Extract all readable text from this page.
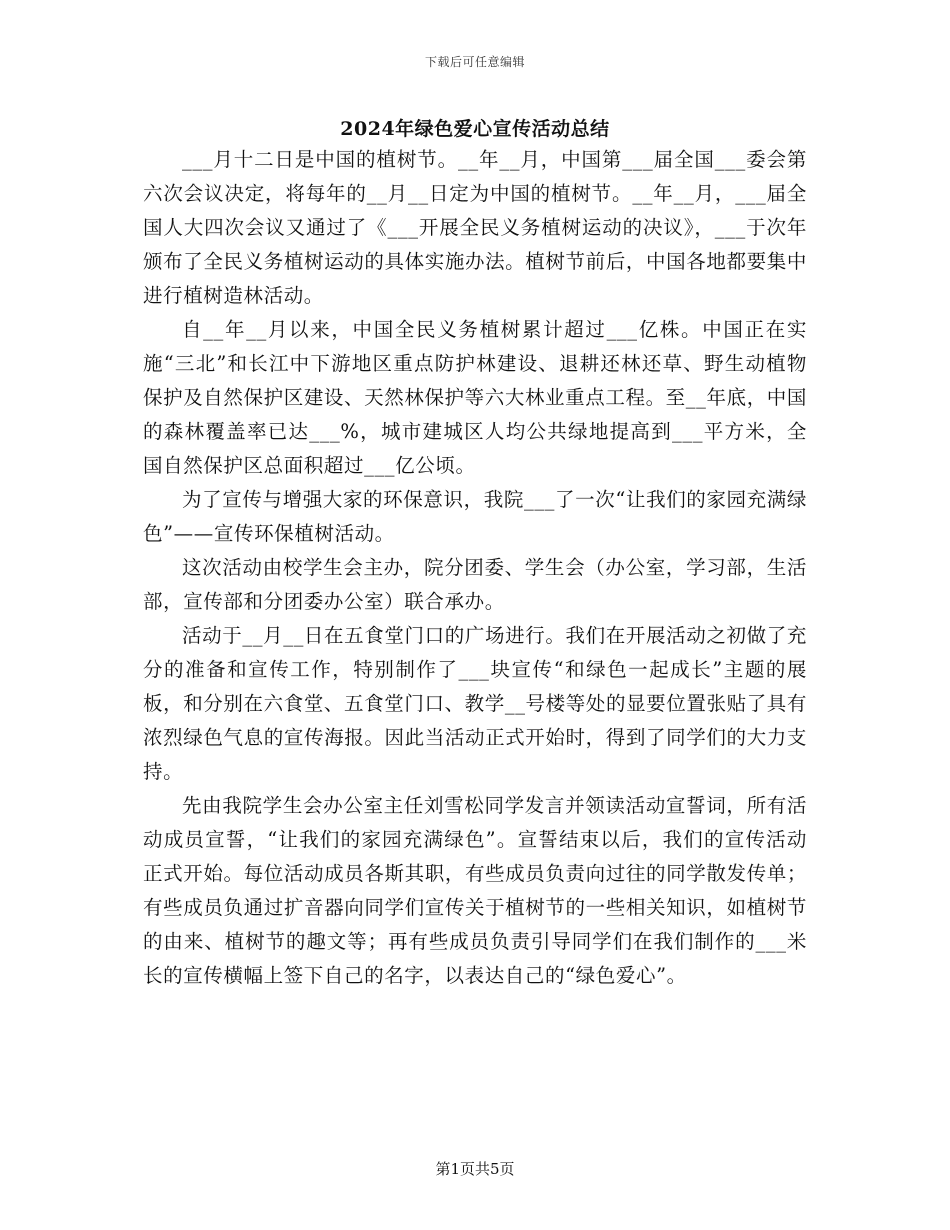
下载后可任意编辑
2024年绿色爱心宣传活动总结

___月十二日是中国的植树节。__年__月，中国第___届全国___委会第六次会议决定，将每年的__月__日定为中国的植树节。__年__月，___届全国人大四次会议又通过了《___开展全民义务植树运动的决议》，___于次年颁布了全民义务植树运动的具体实施办法。植树节前后，中国各地都要集中进行植树造林活动。

自__年__月以来，中国全民义务植树累计超过___亿株。中国正在实施“三北”和长江中下游地区重点防护林建设、退耕还林还草、野生动植物保护及自然保护区建设、天然林保护等六大林业重点工程。至__年底，中国的森林覆盖率已达___%，城市建城区人均公共绿地提高到___平方米，全国自然保护区总面积超过___亿公顷。

为了宣传与增强大家的环保意识，我院___了一次“让我们的家园充满绿色”——宣传环保植树活动。

这次活动由校学生会主办，院分团委、学生会（办公室，学习部，生活部，宣传部和分团委办公室）联合承办。

活动于__月__日在五食堂门口的广场进行。我们在开展活动之初做了充分的准备和宣传工作，特别制作了___块宣传“和绿色一起成长”主题的展板，和分别在六食堂、五食堂门口、教学__号楼等处的显要位置张贴了具有浓烈绿色气息的宣传海报。因此当活动正式开始时，得到了同学们的大力支持。

先由我院学生会办公室主任刘雪松同学发言并领读活动宣誓词，所有活动成员宣誓，“让我们的家园充满绿色”。宣誓结束以后，我们的宣传活动正式开始。每位活动成员各斯其职，有些成员负责向过往的同学散发传单；有些成员负通过扩音器向同学们宣传关于植树节的一些相关知识，如植树节的由来、植树节的趣文等；再有些成员负责引导同学们在我们制作的___米长的宣传横幅上签下自己的名字，以表达自己的“绿色爱心”。

第1页共5页
